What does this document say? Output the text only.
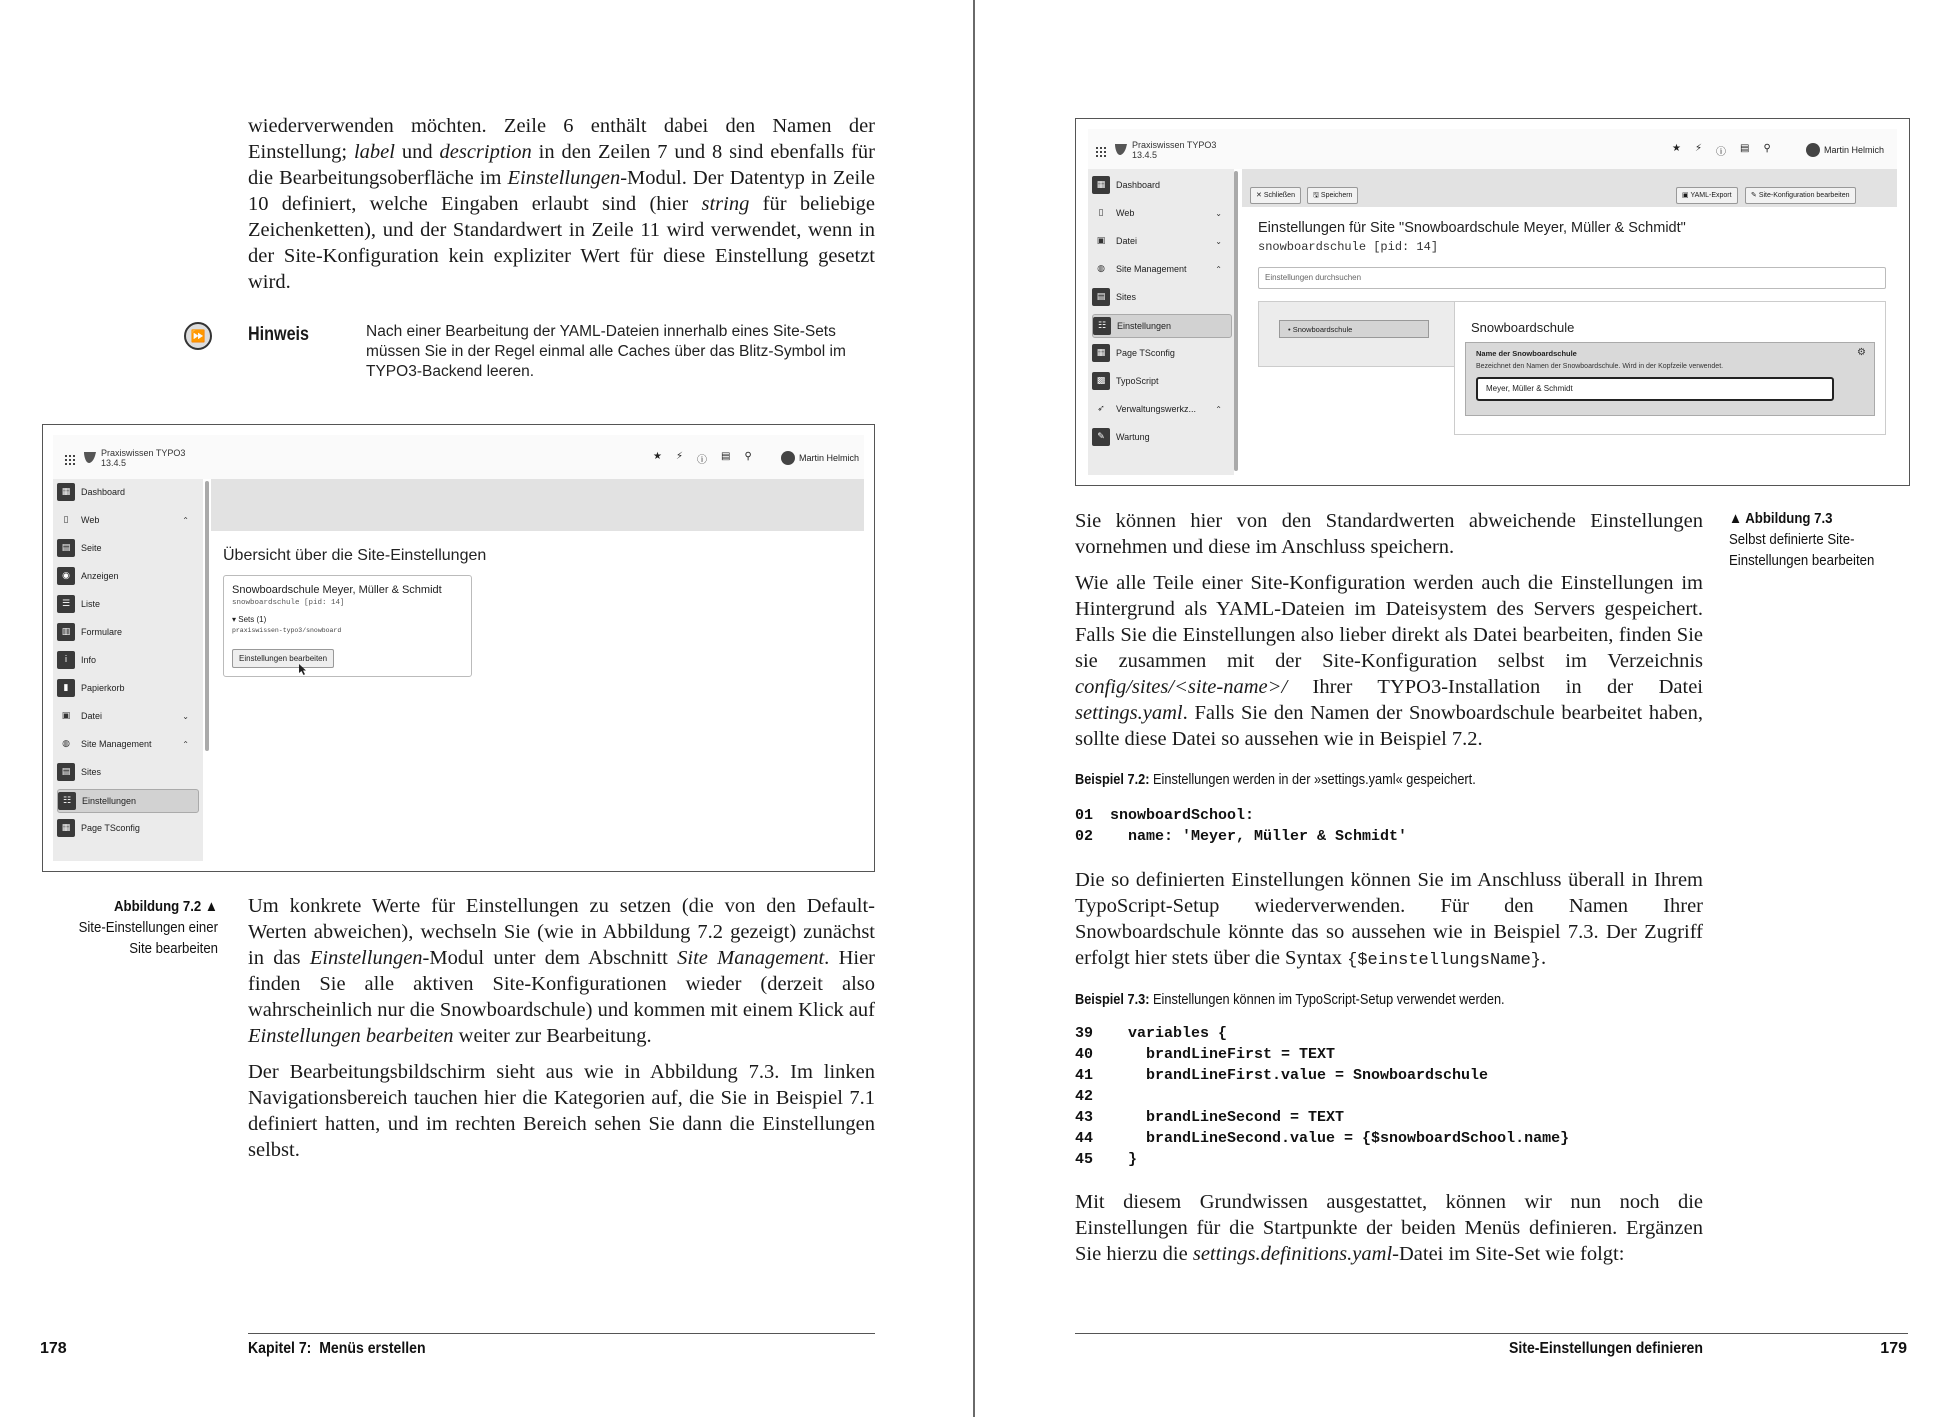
wiederverwenden möchten. Zeile 6 enthält dabei den Namen der Einstellung; label und description in den Zeilen 7 und 8 sind ebenfalls für die Bearbeitungsoberfläche im Einstellungen-Modul. Der Datentyp in Zeile 10 definiert, welche Eingaben erlaubt sind (hier string für beliebige Zeichenketten), und der Standardwert in Zeile 11 wird verwendet, wenn in der Site-Konfiguration kein expliziter Wert für diese Einstellung gesetzt wird.

⏩	Hinweis	Nach einer Bearbeitung der YAML-Dateien innerhalb eines Site-Sets müssen Sie in der Regel einmal alle Caches über das Blitz-Symbol im TYPO3-Backend leeren.
Praxiswissen TYPO3
13.4.5
★ ⚡ ⓘ ▤ ⚲	Martin Helmich
▦	Dashboard
▯	Web	⌃
▤	Seite
◉	Anzeigen
☰	Liste
▥	Formulare
i	Info
▮	Papierkorb
▣	Datei	⌄
◍	Site Management	⌃
▤	Sites
☷	Einstellungen
▦	Page TSconfig
Übersicht über die Site-Einstellungen
Snowboardschule Meyer, Müller & Schmidt
snowboardschule [pid: 14]
▾ Sets (1)
praxiswissen-typo3/snowboard
Einstellungen bearbeiten
Abbildung 7.2 ▲
Site-Einstellungen einer Site bearbeiten

Um konkrete Werte für Einstellungen zu setzen (die von den Default-Werten abweichen), wechseln Sie (wie in Abbildung 7.2 gezeigt) zunächst in das Einstellungen-Modul unter dem Abschnitt Site Management. Hier finden Sie alle aktiven Site-Konfigurationen wieder (derzeit also wahrscheinlich nur die Snowboardschule) und kommen mit einem Klick auf Einstellungen bearbeiten weiter zur Bearbeitung.

Der Bearbeitungsbildschirm sieht aus wie in Abbildung 7.3. Im linken Navigationsbereich tauchen hier die Kategorien auf, die Sie in Beispiel 7.1 definiert hatten, und im rechten Bereich sehen Sie dann die Einstellungen selbst.

178	Kapitel 7:  Menüs erstellen
Praxiswissen TYPO3
13.4.5
★ ⚡ ⓘ ▤ ⚲	Martin Helmich
▦	Dashboard
▯	Web	⌄
▣	Datei	⌄
◍	Site Management	⌃
▤	Sites
☷	Einstellungen
▦	Page TSconfig
▩	TypoScript
➶	Verwaltungswerkz... ⌃
✎	Wartung
✕ Schließen	🖫 Speichern	▣ YAML-Export	✎ Site-Konfiguration bearbeiten
Einstellungen für Site "Snowboardschule Meyer, Müller & Schmidt"
snowboardschule [pid: 14]
Einstellungen durchsuchen
• Snowboardschule	Snowboardschule
Name der Snowboardschule	⚙
Bezeichnet den Namen der Snowboardschule. Wird in der Kopfzeile verwendet.
Meyer, Müller & Schmidt
▲ Abbildung 7.3
Selbst definierte Site-Einstellungen bearbeiten

Sie können hier von den Standardwerten abweichende Einstellungen vornehmen und diese im Anschluss speichern.

Wie alle Teile einer Site-Konfiguration werden auch die Einstellungen im Hintergrund als YAML-Dateien im Dateisystem des Servers gespeichert. Falls Sie die Einstellungen also lieber direkt als Datei bearbeiten, finden Sie sie zusammen mit der Site-Konfiguration selbst im Verzeichnis config/sites/<site-name>/ Ihrer TYPO3-Installation in der Datei settings.yaml. Falls Sie den Namen der Snowboardschule bearbeitet haben, sollte diese Datei so aussehen wie in Beispiel 7.2.

Beispiel 7.2: Einstellungen werden in der »settings.yaml« gespeichert.
01 snowboardSchool:
02   name: 'Meyer, Müller & Schmidt'

Die so definierten Einstellungen können Sie im Anschluss überall in Ihrem TypoScript-Setup wiederverwenden. Für den Namen Ihrer Snowboardschule könnte das so aussehen wie in Beispiel 7.3. Der Zugriff erfolgt hier stets über die Syntax {$einstellungsName}.

Beispiel 7.3: Einstellungen können im TypoScript-Setup verwendet werden.
39   variables {
40     brandLineFirst = TEXT
41     brandLineFirst.value = Snowboardschule
42
43     brandLineSecond = TEXT
44     brandLineSecond.value = {$snowboardSchool.name}
45   }

Mit diesem Grundwissen ausgestattet, können wir nun noch die Einstellungen für die Startpunkte der beiden Menüs definieren. Ergänzen Sie hierzu die settings.definitions.yaml-Datei im Site-Set wie folgt:

Site-Einstellungen definieren	179
